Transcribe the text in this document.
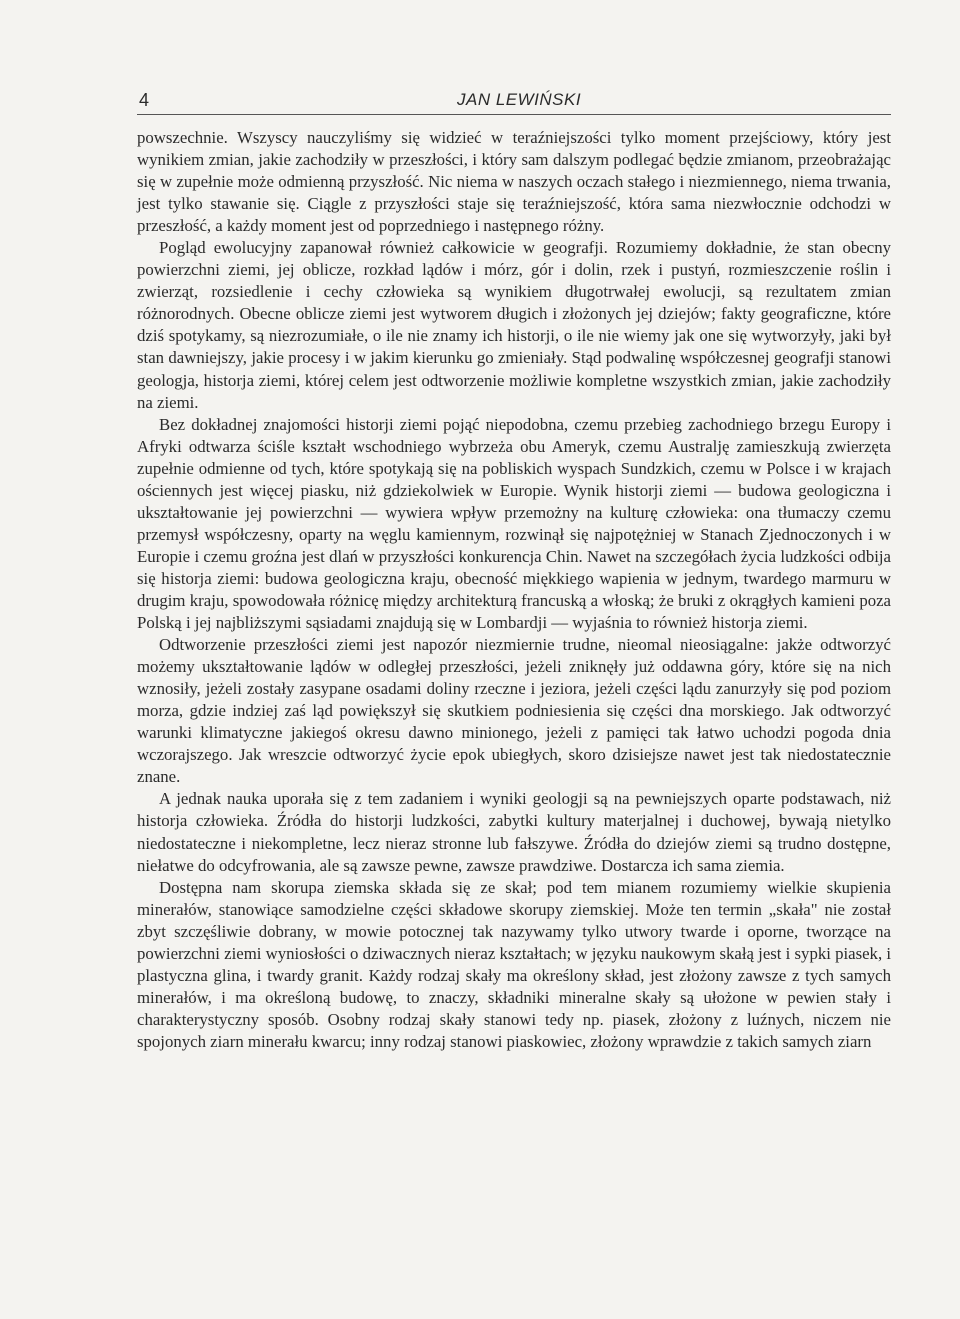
4	JAN LEWIŃSKI

powszechnie. Wszyscy nauczyliśmy się widzieć w teraźniejszości tylko moment przejściowy, który jest wynikiem zmian, jakie zachodziły w przeszłości, i który sam dalszym podlegać będzie zmianom, przeobrażając się w zupełnie może odmienną przyszłość. Nic niema w naszych oczach stałego i niezmiennego, niema trwania, jest tylko stawanie się. Ciągle z przyszłości staje się teraźniejszość, która sama niezwłocznie odchodzi w przeszłość, a każdy moment jest od poprzedniego i następnego różny.

Pogląd ewolucyjny zapanował również całkowicie w geografji. Rozumiemy dokładnie, że stan obecny powierzchni ziemi, jej oblicze, rozkład lądów i mórz, gór i dolin, rzek i pustyń, rozmieszczenie roślin i zwierząt, rozsiedlenie i cechy człowieka są wynikiem długotrwałej ewolucji, są rezultatem zmian różnorodnych. Obecne oblicze ziemi jest wytworem długich i złożonych jej dziejów; fakty geograficzne, które dziś spotykamy, są niezrozumiałe, o ile nie znamy ich historji, o ile nie wiemy jak one się wytworzyły, jaki był stan dawniejszy, jakie procesy i w jakim kierunku go zmieniały. Stąd podwalinę współczesnej geografji stanowi geologja, historja ziemi, której celem jest odtworzenie możliwie kompletne wszystkich zmian, jakie zachodziły na ziemi.

Bez dokładnej znajomości historji ziemi pojąć niepodobna, czemu przebieg zachodniego brzegu Europy i Afryki odtwarza ściśle kształt wschodniego wybrzeża obu Ameryk, czemu Australję zamieszkują zwierzęta zupełnie odmienne od tych, które spotykają się na pobliskich wyspach Sundzkich, czemu w Polsce i w krajach ościennych jest więcej piasku, niż gdziekolwiek w Europie. Wynik historji ziemi — budowa geologiczna i ukształtowanie jej powierzchni — wywiera wpływ przemożny na kulturę człowieka: ona tłumaczy czemu przemysł współczesny, oparty na węglu kamiennym, rozwinął się najpotężniej w Stanach Zjednoczonych i w Europie i czemu groźna jest dlań w przyszłości konkurencja Chin. Nawet na szczegółach życia ludzkości odbija się historja ziemi: budowa geologiczna kraju, obecność miękkiego wapienia w jednym, twardego marmuru w drugim kraju, spowodowała różnicę między architekturą francuską a włoską; że bruki z okrągłych kamieni poza Polską i jej najbliższymi sąsiadami znajdują się w Lombardji — wyjaśnia to również historja ziemi.

Odtworzenie przeszłości ziemi jest napozór niezmiernie trudne, nieomal nieosiągalne: jakże odtworzyć możemy ukształtowanie lądów w odległej przeszłości, jeżeli zniknęły już oddawna góry, które się na nich wznosiły, jeżeli zostały zasypane osadami doliny rzeczne i jeziora, jeżeli części lądu zanurzyły się pod poziom morza, gdzie indziej zaś ląd powiększył się skutkiem podniesienia się części dna morskiego. Jak odtworzyć warunki klimatyczne jakiegoś okresu dawno minionego, jeżeli z pamięci tak łatwo uchodzi pogoda dnia wczorajszego. Jak wreszcie odtworzyć życie epok ubiegłych, skoro dzisiejsze nawet jest tak niedostatecznie znane.

A jednak nauka uporała się z tem zadaniem i wyniki geologji są na pewniejszych oparte podstawach, niż historja człowieka. Źródła do historji ludzkości, zabytki kultury materjalnej i duchowej, bywają nietylko niedostateczne i niekompletne, lecz nieraz stronne lub fałszywe. Źródła do dziejów ziemi są trudno dostępne, niełatwe do odcyfrowania, ale są zawsze pewne, zawsze prawdziwe. Dostarcza ich sama ziemia.

Dostępna nam skorupa ziemska składa się ze skał; pod tem mianem rozumiemy wielkie skupienia minerałów, stanowiące samodzielne części składowe skorupy ziemskiej. Może ten termin „skała" nie został zbyt szczęśliwie dobrany, w mowie potocznej tak nazywamy tylko utwory twarde i oporne, tworzące na powierzchni ziemi wyniosłości o dziwacznych nieraz kształtach; w języku naukowym skałą jest i sypki piasek, i plastyczna glina, i twardy granit. Każdy rodzaj skały ma określony skład, jest złożony zawsze z tych samych minerałów, i ma określoną budowę, to znaczy, składniki mineralne skały są ułożone w pewien stały i charakterystyczny sposób. Osobny rodzaj skały stanowi tedy np. piasek, złożony z luźnych, niczem nie spojonych ziarn minerału kwarcu; inny rodzaj stanowi piaskowiec, złożony wprawdzie z takich samych ziarn
